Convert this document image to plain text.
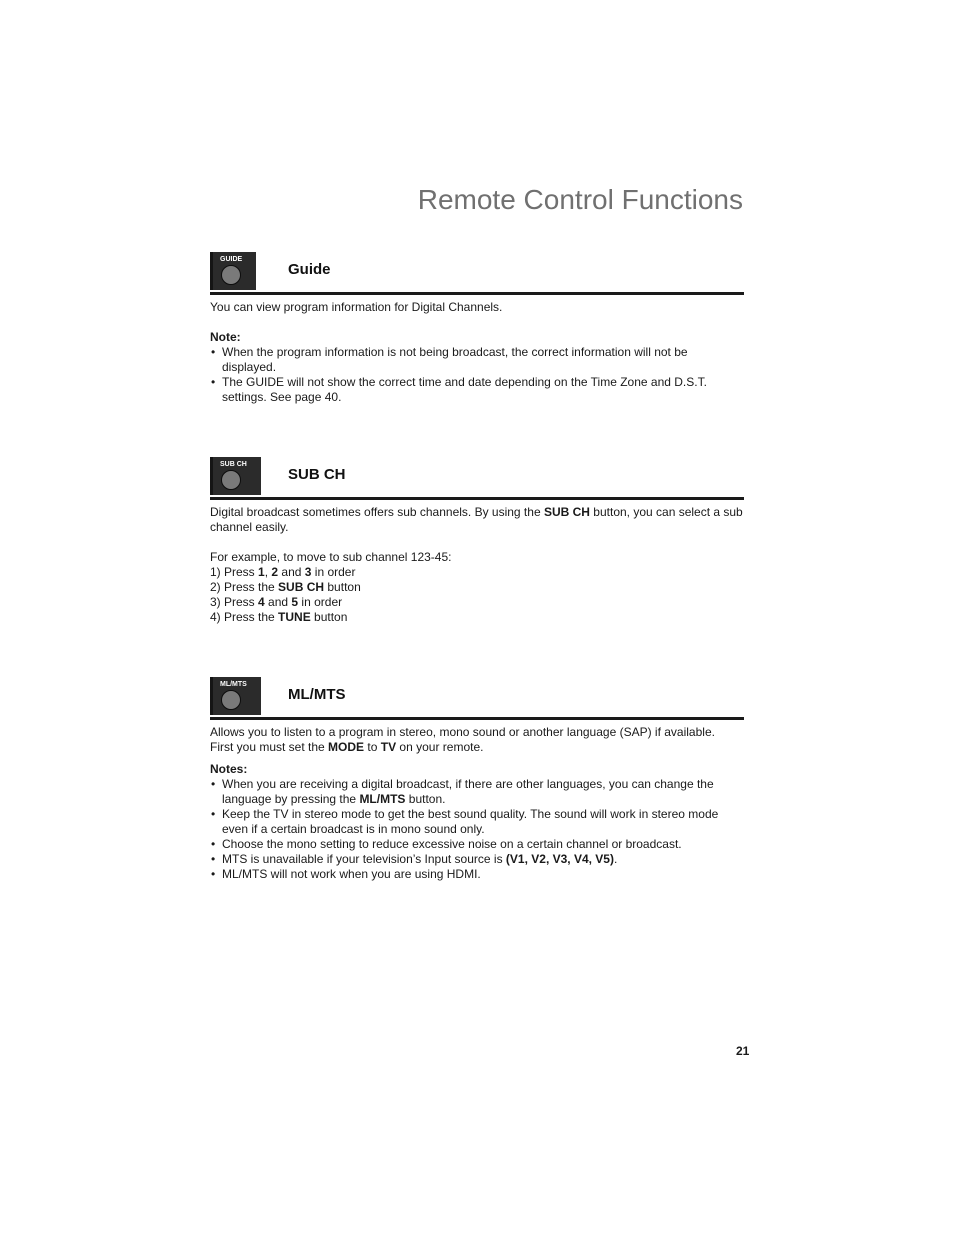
Remote Control Functions
GUIDE
Guide

You can view program information for Digital Channels.

Note:

• When the program information is not being broadcast, the correct information will not be displayed.
• The GUIDE will not show the correct time and date depending on the Time Zone and D.S.T. settings. See page 40.
SUB CH
SUB CH

Digital broadcast sometimes offers sub channels. By using the SUB CH button, you can select a sub channel easily.

For example, to move to sub channel 123-45:

1) Press 1, 2 and 3 in order

2) Press the SUB CH button

3) Press 4 and 5 in order

4) Press the TUNE button

ML/MTS
ML/MTS

Allows you to listen to a program in stereo, mono sound or another language (SAP) if available.

First you must set the MODE to TV on your remote.

Notes:

• When you are receiving a digital broadcast, if there are other languages, you can change the language by pressing the ML/MTS button.
• Keep the TV in stereo mode to get the best sound quality. The sound will work in stereo mode even if a certain broadcast is in mono sound only.
• Choose the mono setting to reduce excessive noise on a certain channel or broadcast.
• MTS is unavailable if your television’s Input source is (V1, V2, V3, V4, V5).
• ML/MTS will not work when you are using HDMI.

21
